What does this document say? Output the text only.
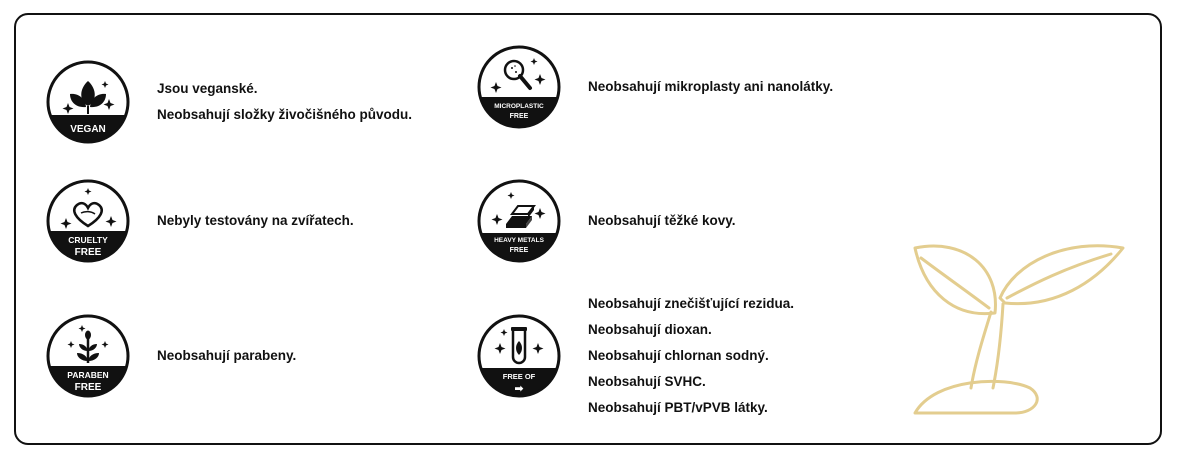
VEGAN
Jsou veganské.
Neobsahují složky živočišného původu.
CRUELTY
FREE
Nebyly testovány na zvířatech.
PARABEN
FREE
Neobsahují parabeny.
MICROPLASTIC
FREE
Neobsahují mikroplasty ani nanolátky.
HEAVY METALS
FREE
Neobsahují těžké kovy.
FREE OF
➡
Neobsahují znečišťující rezidua.
Neobsahují dioxan.
Neobsahují chlornan sodný.
Neobsahují SVHC.
Neobsahují PBT/vPVB látky.
